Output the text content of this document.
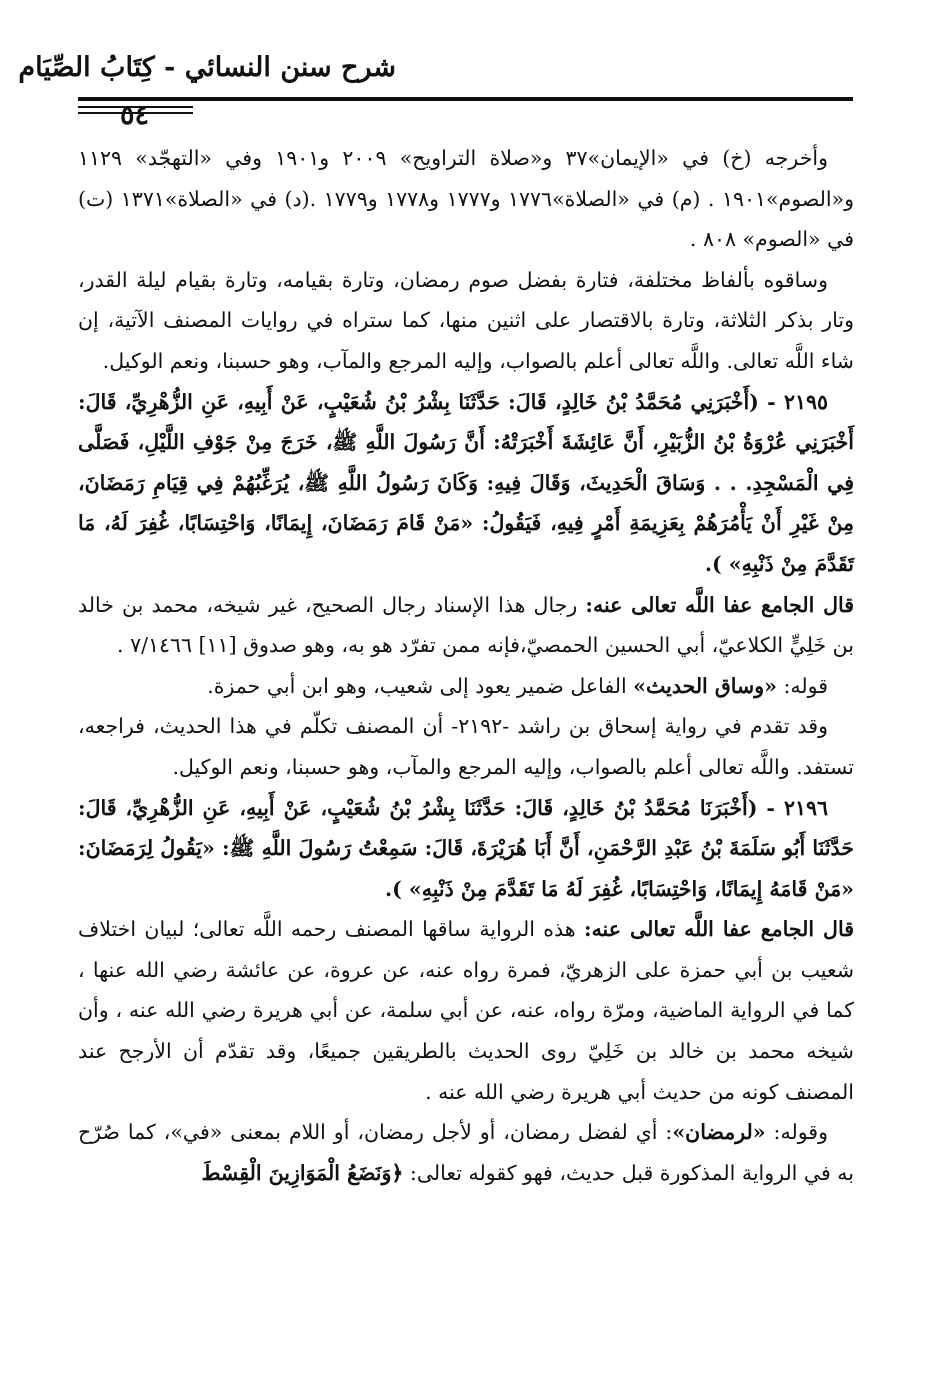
شرح سنن النسائي - كِتَابُ الصِّيَام
٥٤

وأخرجه (خ) في «الإيمان»٣٧ و«صلاة التراويح» ٢٠٠٩ و١٩٠١ وفي «التهجّد» ١١٢٩ و«الصوم»١٩٠١ . (م) في «الصلاة»١٧٧٦ و١٧٧٧ و١٧٧٨ و١٧٧٩ .(د) في «الصلاة»١٣٧١ (ت) في «الصوم» ٨٠٨ .

وساقوه بألفاظ مختلفة، فتارة بفضل صوم رمضان، وتارة بقيامه، وتارة بقيام ليلة القدر، وتار بذكر الثلاثة، وتارة بالاقتصار على اثنين منها، كما ستراه في روايات المصنف الآتية، إن شاء اللَّه تعالى. واللَّه تعالى أعلم بالصواب، وإليه المرجع والمآب، وهو حسبنا، ونعم الوكيل.

٢١٩٥ - (أَخْبَرَنِي مُحَمَّدُ بْنُ خَالِدٍ، قَالَ: حَدَّثَنَا بِشْرُ بْنُ شُعَيْبٍ، عَنْ أَبِيهِ، عَنِ الزُّهْرِيِّ، قَالَ: أَخْبَرَنِي عُرْوَةُ بْنُ الزُّبَيْرِ، أَنَّ عَائِشَةَ أَخْبَرَتْهُ: أَنَّ رَسُولَ اللَّهِ ﷺ، خَرَجَ مِنْ جَوْفِ اللَّيْلِ، فَصَلَّى فِي الْمَسْجِدِ. . . وَسَاقَ الْحَدِيثَ، وَقَالَ فِيهِ: وَكَانَ رَسُولُ اللَّهِ ﷺ، يُرَغِّبُهُمْ فِي قِيَامِ رَمَضَانَ، مِنْ غَيْرِ أَنْ يَأْمُرَهُمْ بِعَزِيمَةِ أَمْرٍ فِيهِ، فَيَقُولُ: «مَنْ قَامَ رَمَضَانَ، إِيمَانًا، وَاحْتِسَابًا، غُفِرَ لَهُ، مَا تَقَدَّمَ مِنْ ذَنْبِهِ» ).

قال الجامع عفا اللَّه تعالى عنه: رجال هذا الإسناد رجال الصحيح، غير شيخه، محمد بن خالد بن خَلِيٍّ الكلاعيّ، أبي الحسين الحمصيّ،فإنه ممن تفرّد هو به، وهو صدوق [١١] ٧/١٤٦٦ .

قوله: «وساق الحديث» الفاعل ضمير يعود إلى شعيب، وهو ابن أبي حمزة.

وقد تقدم في رواية إسحاق بن راشد -٢١٩٢- أن المصنف تكلّم في هذا الحديث، فراجعه، تستفد. واللَّه تعالى أعلم بالصواب، وإليه المرجع والمآب، وهو حسبنا، ونعم الوكيل.

٢١٩٦ - (أَخْبَرَنَا مُحَمَّدُ بْنُ خَالِدٍ، قَالَ: حَدَّثَنَا بِشْرُ بْنُ شُعَيْبٍ، عَنْ أَبِيهِ، عَنِ الزُّهْرِيِّ، قَالَ: حَدَّثَنَا أَبُو سَلَمَةَ بْنُ عَبْدِ الرَّحْمَنِ، أَنَّ أَبَا هُرَيْرَةَ، قَالَ: سَمِعْتُ رَسُولَ اللَّهِ ﷺ: «يَقُولُ لِرَمَضَانَ: «مَنْ قَامَهُ إِيمَانًا، وَاحْتِسَابًا، غُفِرَ لَهُ مَا تَقَدَّمَ مِنْ ذَنْبِهِ» ).

قال الجامع عفا اللَّه تعالى عنه: هذه الرواية ساقها المصنف رحمه اللَّه تعالى؛ لبيان اختلاف شعيب بن أبي حمزة على الزهريّ، فمرة رواه عنه، عن عروة، عن عائشة رضي الله عنها ، كما في الرواية الماضية، ومرّة رواه، عنه، عن أبي سلمة، عن أبي هريرة رضي الله عنه ، وأن شيخه محمد بن خالد بن خَلِيّ روى الحديث بالطريقين جميعًا، وقد تقدّم أن الأرجح عند المصنف كونه من حديث أبي هريرة رضي الله عنه .

وقوله: «لرمضان»: أي لفضل رمضان، أو لأجل رمضان، أو اللام بمعنى «في»، كما صُرّح به في الرواية المذكورة قبل حديث، فهو كقوله تعالى: ﴿وَنَضَعُ الْمَوَازِينَ الْقِسْطَ
